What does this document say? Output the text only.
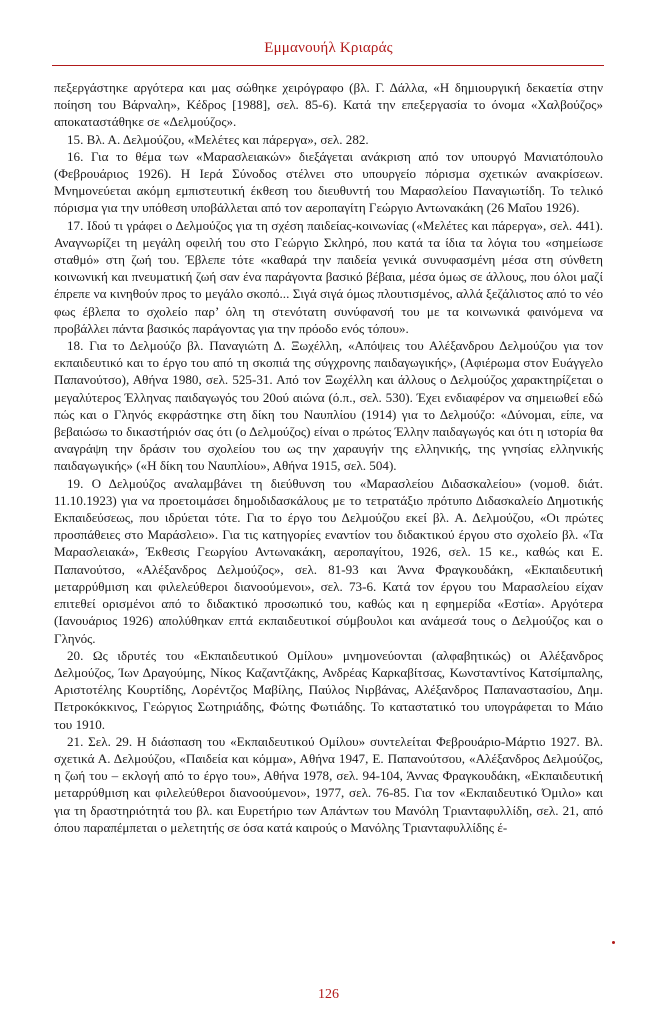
Εμμανουήλ Κριαράς

πεξεργάστηκε αργότερα και μας σώθηκε χειρόγραφο (βλ. Γ. Δάλλα, «Η δημιουργική δεκαετία στην ποίηση του Βάρναλη», Κέδρος [1988], σελ. 85-6). Κατά την επεξεργασία το όνομα «Χαλβούζος» αποκαταστάθηκε σε «Δελμούζος».

15. Βλ. Α. Δελμούζου, «Μελέτες και πάρεργα», σελ. 282.

16. Για το θέμα των «Μαρασλειακών» διεξάγεται ανάκριση από τον υπουργό Μανιατόπουλο (Φεβρουάριος 1926). Η Ιερά Σύνοδος στέλνει στο υπουργείο πόρισμα σχετικών ανακρίσεων. Μνημονεύεται ακόμη εμπιστευτική έκθεση του διευθυντή του Μαρασλείου Παναγιωτίδη. Το τελικό πόρισμα για την υπόθεση υποβάλλεται από τον αεροπαγίτη Γεώργιο Αντωνακάκη (26 Μαΐου 1926).

17. Ιδού τι γράφει ο Δελμούζος για τη σχέση παιδείας-κοινωνίας («Μελέτες και πάρεργα», σελ. 441). Αναγνωρίζει τη μεγάλη οφειλή του στο Γεώργιο Σκληρό, που κατά τα ίδια τα λόγια του «σημείωσε σταθμό» στη ζωή του. Έβλεπε τότε «καθαρά την παιδεία γενικά συνυφασμένη μέσα στη σύνθετη κοινωνική και πνευματική ζωή σαν ένα παράγοντα βασικό βέβαια, μέσα όμως σε άλλους, που όλοι μαζί έπρεπε να κινηθούν προς το μεγάλο σκοπό... Σιγά σιγά όμως πλουτισμένος, αλλά ξεζάλιστος από το νέο φως έβλεπα το σχολείο παρ’ όλη τη στενότατη συνύφανσή του με τα κοινωνικά φαινόμενα να προβάλλει πάντα βασικός παράγοντας για την πρόοδο ενός τόπου».

18. Για το Δελμούζο βλ. Παναγιώτη Δ. Ξωχέλλη, «Απόψεις του Αλέξανδρου Δελμούζου για τον εκπαιδευτικό και το έργο του από τη σκοπιά της σύγχρονης παιδαγωγικής», (Αφιέρωμα στον Ευάγγελο Παπανούτσο), Αθήνα 1980, σελ. 525-31. Από τον Ξωχέλλη και άλλους ο Δελμούζος χαρακτηρίζεται ο μεγαλύτερος Έλληνας παιδαγωγός του 20ού αιώνα (ό.π., σελ. 530). Έχει ενδιαφέρον να σημειωθεί εδώ πώς και ο Γληνός εκφράστηκε στη δίκη του Ναυπλίου (1914) για το Δελμούζο: «Δύνομαι, είπε, να βεβαιώσω το δικαστήριόν σας ότι (ο Δελμούζος) είναι ο πρώτος Έλλην παιδαγωγός και ότι η ιστορία θα αναγράψη την δράσιν του σχολείου του ως την χαραυγήν της ελληνικής, της γνησίας ελληνικής παιδαγωγικής» («Η δίκη του Ναυπλίου», Αθήνα 1915, σελ. 504).

19. Ο Δελμούζος αναλαμβάνει τη διεύθυνση του «Μαρασλείου Διδασκαλείου» (νομοθ. διάτ. 11.10.1923) για να προετοιμάσει δημοδιδασκάλους με το τετρατάξιο πρότυπο Διδασκαλείο Δημοτικής Εκπαιδεύσεως, που ιδρύεται τότε. Για το έργο του Δελμούζου εκεί βλ. Α. Δελμούζου, «Οι πρώτες προσπάθειες στο Μαράσλειο». Για τις κατηγορίες εναντίον του διδακτικού έργου στο σχολείο βλ. «Τα Μαρασλειακά», Έκθεσις Γεωργίου Αντωνακάκη, αεροπαγίτου, 1926, σελ. 15 κε., καθώς και Ε. Παπανούτσο, «Αλέξανδρος Δελμούζος», σελ. 81-93 και Άννα Φραγκουδάκη, «Εκπαιδευτική μεταρρύθμιση και φιλελεύθεροι διανοούμενοι», σελ. 73-6. Κατά τον έργου του Μαρασλείου είχαν επιτεθεί ορισμένοι από το διδακτικό προσωπικό του, καθώς και η εφημερίδα «Εστία». Αργότερα (Ιανουάριος 1926) απολύθηκαν επτά εκπαιδευτικοί σύμβουλοι και ανάμεσά τους ο Δελμούζος και ο Γληνός.

20. Ως ιδρυτές του «Εκπαιδευτικού Ομίλου» μνημονεύονται (αλφαβητικώς) οι Αλέξανδρος Δελμούζος, Ίων Δραγούμης, Νίκος Καζαντζάκης, Ανδρέας Καρκαβίτσας, Κωνσταντίνος Κατσίμπαλης, Αριστοτέλης Κουρτίδης, Λορέντζος Μαβίλης, Παύλος Νιρβάνας, Αλέξανδρος Παπαναστασίου, Δημ. Πετροκόκκινος, Γεώργιος Σωτηριάδης, Φώτης Φωτιάδης. Το καταστατικό του υπογράφεται το Μάιο του 1910.

21. Σελ. 29. Η διάσπαση του «Εκπαιδευτικού Ομίλου» συντελείται Φεβρουάριο-Μάρτιο 1927. Βλ. σχετικά Α. Δελμούζου, «Παιδεία και κόμμα», Αθήνα 1947, Ε. Παπανούτσου, «Αλέξανδρος Δελμούζος, η ζωή του – εκλογή από το έργο του», Αθήνα 1978, σελ. 94-104, Άννας Φραγκουδάκη, «Εκπαιδευτική μεταρρύθμιση και φιλελεύθεροι διανοούμενοι», 1977, σελ. 76-85. Για τον «Εκπαιδευτικό Όμιλο» και για τη δραστηριότητά του βλ. και Ευρετήριο των Απάντων του Μανόλη Τριανταφυλλίδη, σελ. 21, από όπου παραπέμπεται ο μελετητής σε όσα κατά καιρούς ο Μανόλης Τριανταφυλλίδης έ-

126
